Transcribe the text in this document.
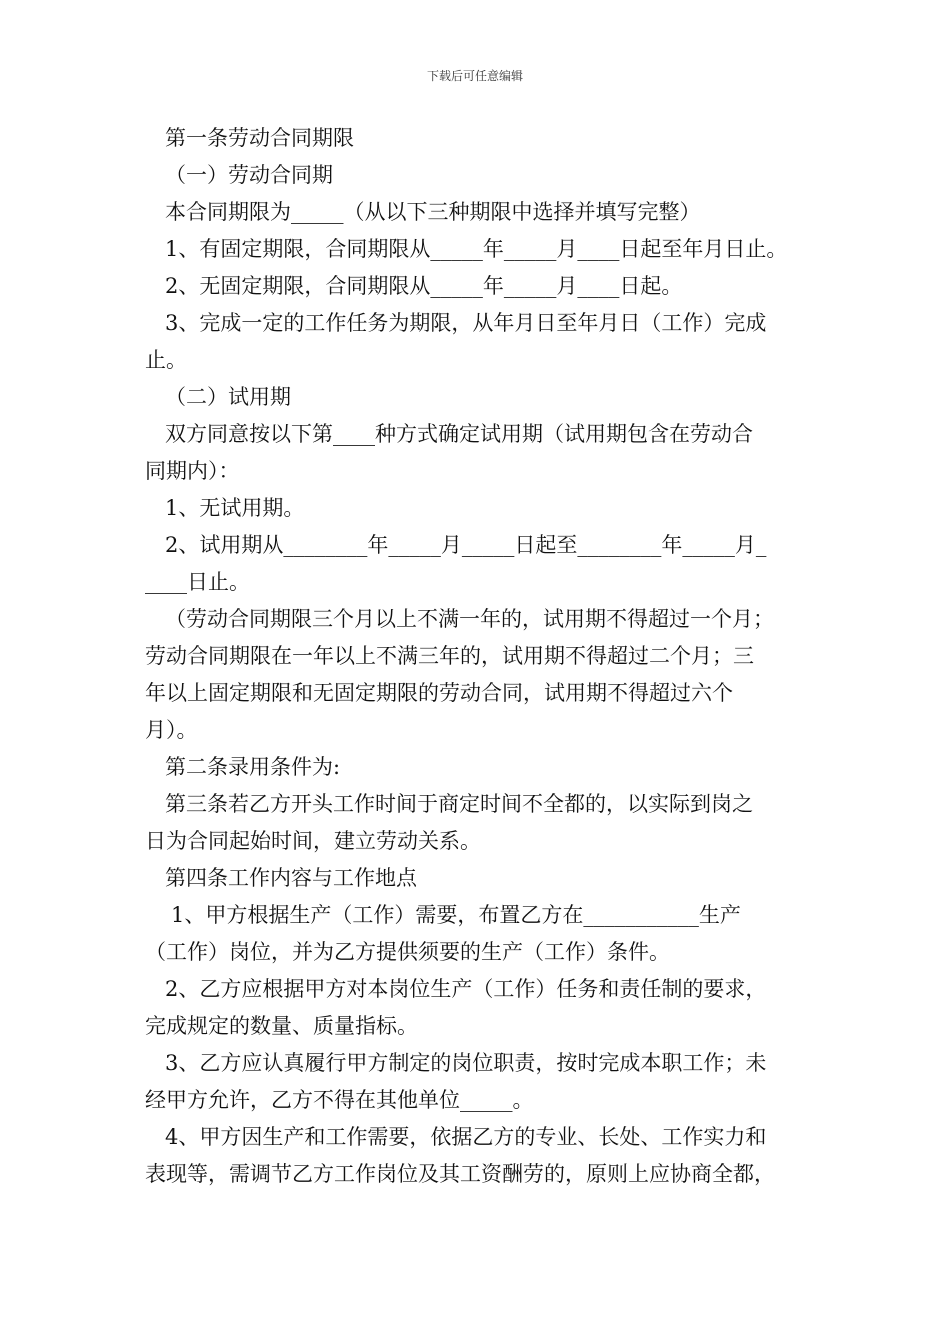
下载后可任意编辑
第一条劳动合同期限
（一）劳动合同期
本合同期限为_____（从以下三种期限中选择并填写完整）
1、有固定期限，合同期限从_____年_____月____日起至年月日止。
2、无固定期限，合同期限从_____年_____月____日起。
3、完成一定的工作任务为期限，从年月日至年月日（工作）完成
止。
（二）试用期
双方同意按以下第____种方式确定试用期（试用期包含在劳动合
同期内）：
1、无试用期。
2、试用期从________年_____月_____日起至________年_____月_
____日止。
（劳动合同期限三个月以上不满一年的，试用期不得超过一个月；
劳动合同期限在一年以上不满三年的，试用期不得超过二个月；三
年以上固定期限和无固定期限的劳动合同，试用期不得超过六个
月）。
第二条录用条件为:
第三条若乙方开头工作时间于商定时间不全都的，以实际到岗之
日为合同起始时间，建立劳动关系。
第四条工作内容与工作地点
1、甲方根据生产（工作）需要，布置乙方在___________生产
（工作）岗位，并为乙方提供须要的生产（工作）条件。
2、乙方应根据甲方对本岗位生产（工作）任务和责任制的要求，
完成规定的数量、质量指标。
3、乙方应认真履行甲方制定的岗位职责，按时完成本职工作；未
经甲方允许，乙方不得在其他单位_____。
4、甲方因生产和工作需要，依据乙方的专业、长处、工作实力和
表现等，需调节乙方工作岗位及其工资酬劳的，原则上应协商全都，
